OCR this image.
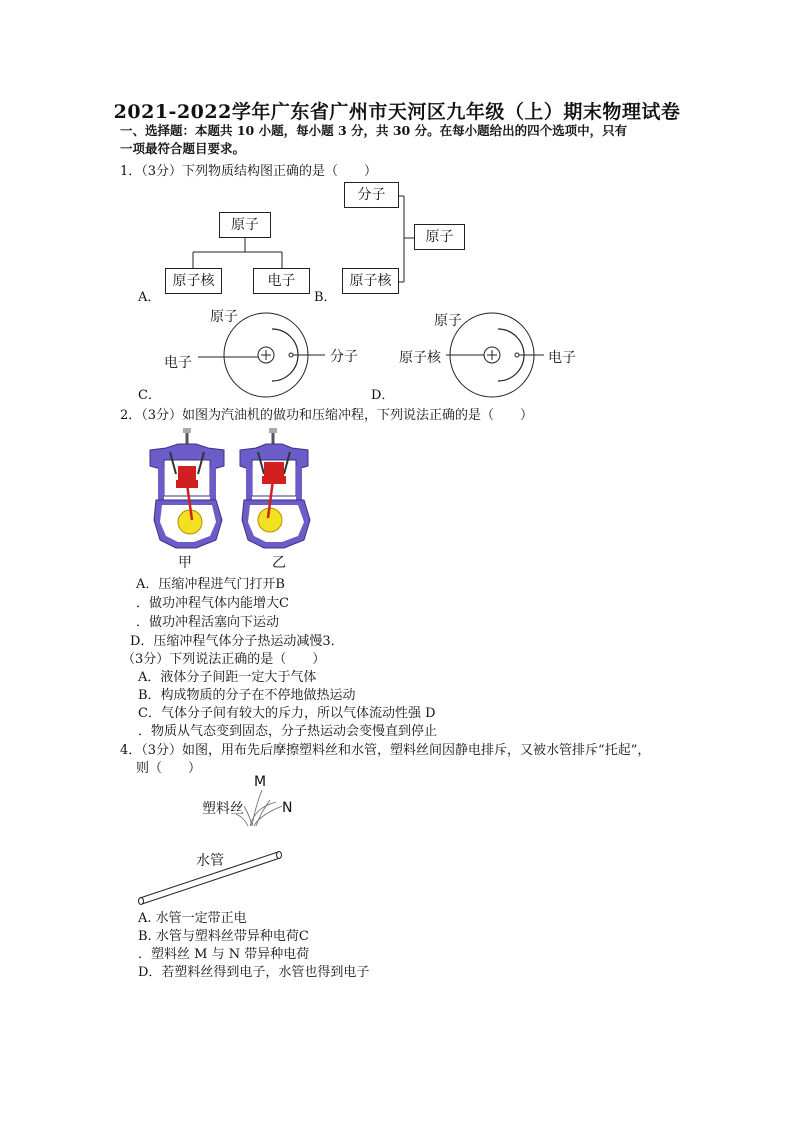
2021-2022学年广东省广州市天河区九年级（上）期末物理试卷
一、选择题：本题共 10 小题，每小题 3 分，共 30 分。在每小题给出的四个选项中，只有
一项最符合题目要求。
1．（3分）下列物质结构图正确的是（　　）
原子
原子核	电子
A．
分子
原子
原子核
B．
原子
电子	分子
C．
原子
原子核	电子
D．
2．（3分）如图为汽油机的做功和压缩冲程，下列说法正确的是（　　）
甲	乙
A．压缩冲程进气门打开B
．做功冲程气体内能增大C
．做功冲程活塞向下运动
D．压缩冲程气体分子热运动减慢3．
（3分）下列说法正确的是（　　）
A．液体分子间距一定大于气体
B．构成物质的分子在不停地做热运动
C．气体分子间有较大的斥力，所以气体流动性强 D
．物质从气态变到固态，分子热运动会变慢直到停止
4．（3分）如图，用布先后摩擦塑料丝和水管，塑料丝间因静电排斥，又被水管排斥“托起”，
则（　　）
M
N
塑料丝
水管
A. 水管一定带正电
B. 水管与塑料丝带异种电荷C
．塑料丝 M 与 N 带异种电荷
D．若塑料丝得到电子，水管也得到电子
